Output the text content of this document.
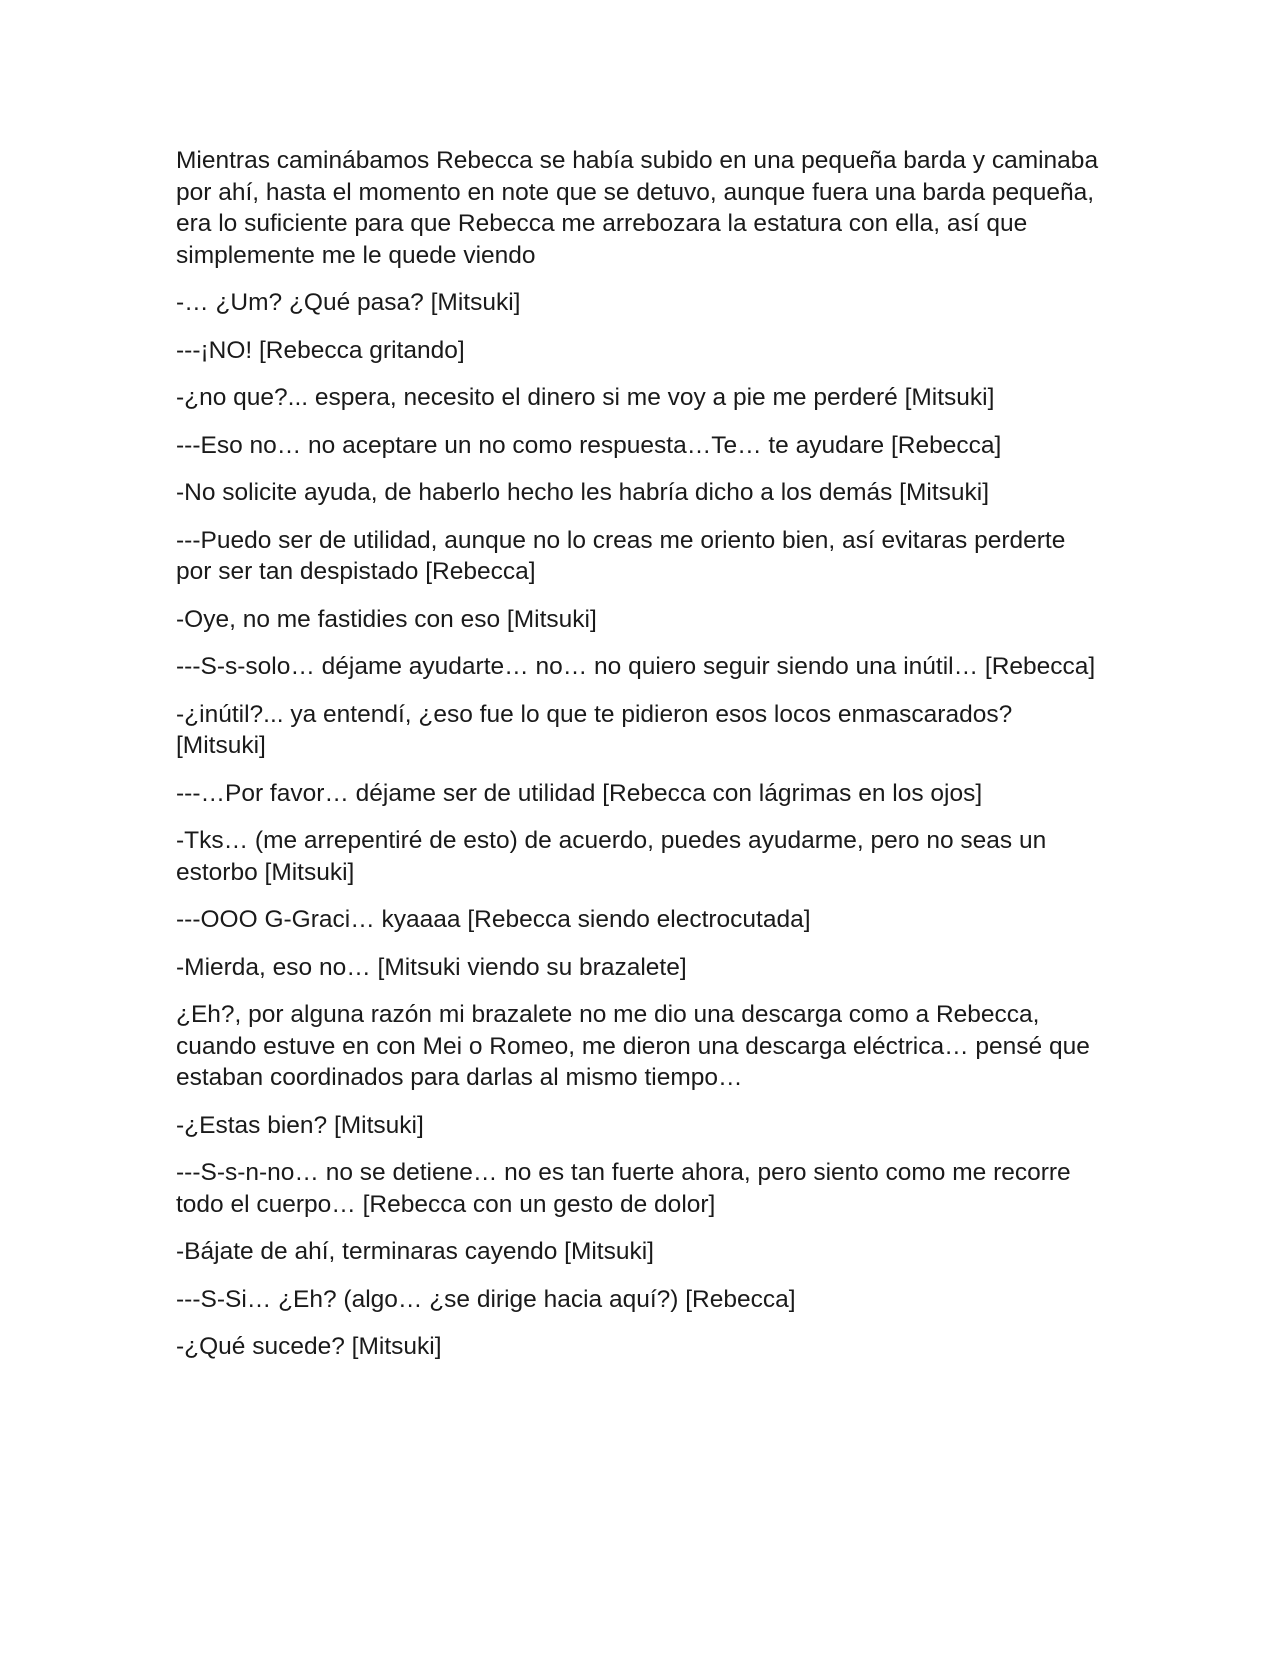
Mientras caminábamos Rebecca se había subido en una pequeña barda y caminaba por ahí, hasta el momento en note que se detuvo, aunque fuera una barda pequeña, era lo suficiente para que Rebecca me arrebozara la estatura con ella, así que simplemente me le quede viendo

-… ¿Um? ¿Qué pasa? [Mitsuki]

---¡NO! [Rebecca gritando]

-¿no que?... espera, necesito el dinero si me voy a pie me perderé [Mitsuki]

---Eso no… no aceptare un no como respuesta…Te… te ayudare [Rebecca]

-No solicite ayuda, de haberlo hecho les habría dicho a los demás [Mitsuki]

---Puedo ser de utilidad, aunque no lo creas me oriento bien, así evitaras perderte por ser tan despistado [Rebecca]

-Oye, no me fastidies con eso [Mitsuki]

---S-s-solo… déjame ayudarte… no… no quiero seguir siendo una inútil… [Rebecca]

-¿inútil?... ya entendí, ¿eso fue lo que te pidieron esos locos enmascarados? [Mitsuki]

---…Por favor… déjame ser de utilidad [Rebecca con lágrimas en los ojos]

-Tks… (me arrepentiré de esto) de acuerdo, puedes ayudarme, pero no seas un estorbo [Mitsuki]

---OOO G-Graci… kyaaaa [Rebecca siendo electrocutada]

-Mierda, eso no… [Mitsuki viendo su brazalete]

¿Eh?, por alguna razón mi brazalete no me dio una descarga como a Rebecca, cuando estuve en con Mei o Romeo, me dieron una descarga eléctrica… pensé que estaban coordinados para darlas al mismo tiempo…

-¿Estas bien? [Mitsuki]

---S-s-n-no… no se detiene… no es tan fuerte ahora, pero siento como me recorre todo el cuerpo… [Rebecca con un gesto de dolor]

-Bájate de ahí, terminaras cayendo [Mitsuki]

---S-Si… ¿Eh? (algo… ¿se dirige hacia aquí?) [Rebecca]

-¿Qué sucede? [Mitsuki]
